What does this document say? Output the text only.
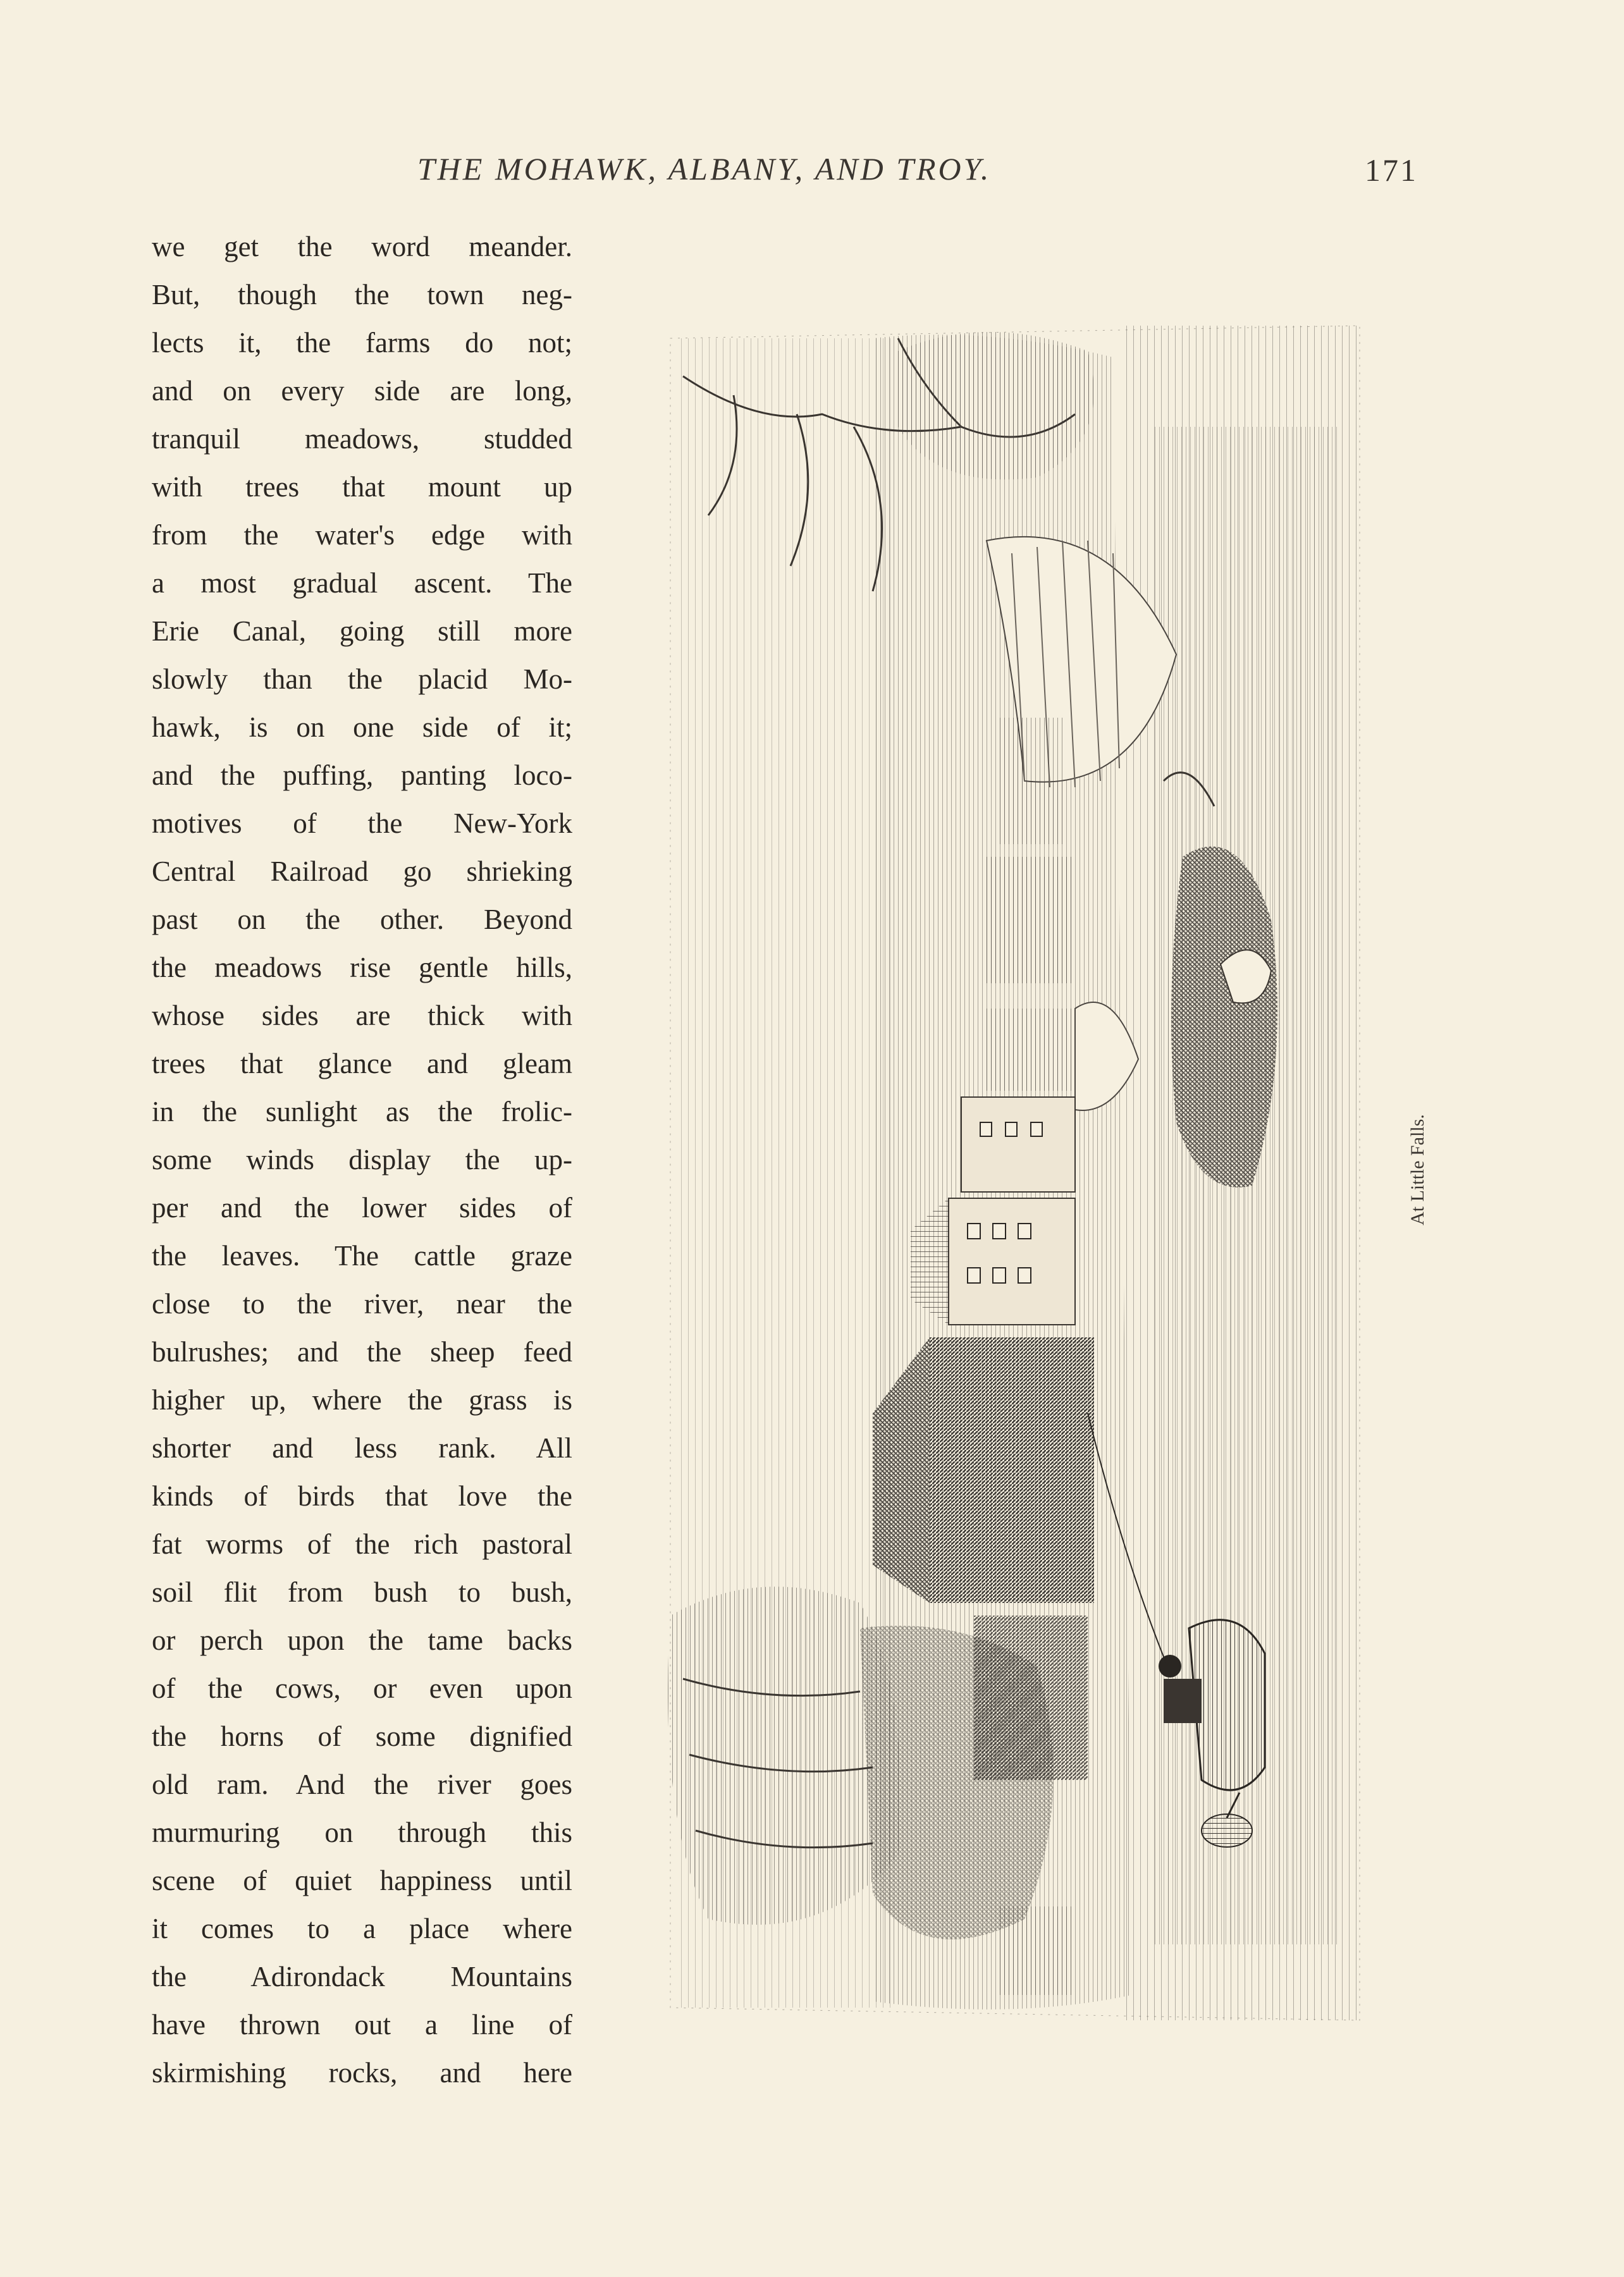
THE MOHAWK, ALBANY, AND TROY.	171
we get the word meander.
But, though the town neg-
lects it, the farms do not;
and on every side are long,
tranquil meadows, studded
with trees that mount up
from the water's edge with
a most gradual ascent. The
Erie Canal, going still more
slowly than the placid Mo-
hawk, is on one side of it;
and the puffing, panting loco-
motives of the New-York
Central Railroad go shrieking
past on the other. Beyond
the meadows rise gentle hills,
whose sides are thick with
trees that glance and gleam
in the sunlight as the frolic-
some winds display the up-
per and the lower sides of
the leaves. The cattle graze
close to the river, near the
bulrushes; and the sheep feed
higher up, where the grass is
shorter and less rank. All
kinds of birds that love the
fat worms of the rich pastoral
soil flit from bush to bush,
or perch upon the tame backs
of the cows, or even upon
the horns of some dignified
old ram. And the river goes
murmuring on through this
scene of quiet happiness until
it comes to a place where
the Adirondack Mountains
have thrown out a line of
skirmishing rocks, and here
At Little Falls.
